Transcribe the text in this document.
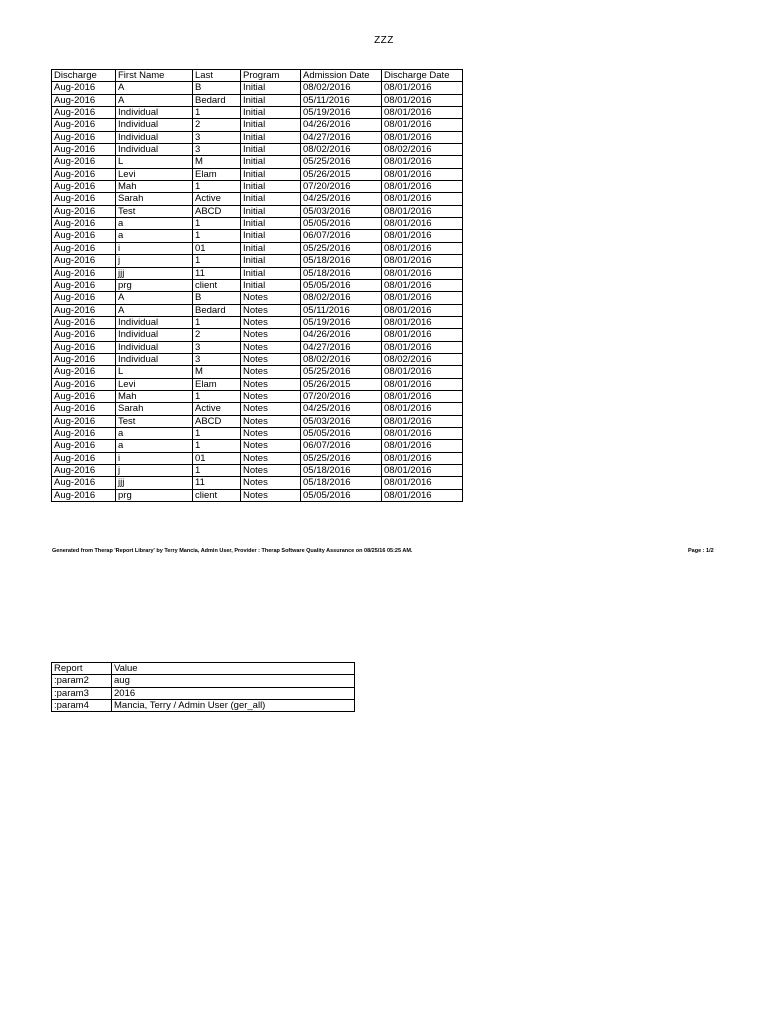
ZZZ
Discharge	First Name	Last	Program	Admission Date	Discharge Date
Aug-2016	A	B	Initial	08/02/2016	08/01/2016
Aug-2016	A	Bedard	Initial	05/11/2016	08/01/2016
Aug-2016	Individual	1	Initial	05/19/2016	08/01/2016
Aug-2016	Individual	2	Initial	04/26/2016	08/01/2016
Aug-2016	Individual	3	Initial	04/27/2016	08/01/2016
Aug-2016	Individual	3	Initial	08/02/2016	08/02/2016
Aug-2016	L	M	Initial	05/25/2016	08/01/2016
Aug-2016	Levi	Elam	Initial	05/26/2015	08/01/2016
Aug-2016	Mah	1	Initial	07/20/2016	08/01/2016
Aug-2016	Sarah	Active	Initial	04/25/2016	08/01/2016
Aug-2016	Test	ABCD	Initial	05/03/2016	08/01/2016
Aug-2016	a	1	Initial	05/05/2016	08/01/2016
Aug-2016	a	1	Initial	06/07/2016	08/01/2016
Aug-2016	i	01	Initial	05/25/2016	08/01/2016
Aug-2016	j	1	Initial	05/18/2016	08/01/2016
Aug-2016	jjj	11	Initial	05/18/2016	08/01/2016
Aug-2016	prg	client	Initial	05/05/2016	08/01/2016
Aug-2016	A	B	Notes	08/02/2016	08/01/2016
Aug-2016	A	Bedard	Notes	05/11/2016	08/01/2016
Aug-2016	Individual	1	Notes	05/19/2016	08/01/2016
Aug-2016	Individual	2	Notes	04/26/2016	08/01/2016
Aug-2016	Individual	3	Notes	04/27/2016	08/01/2016
Aug-2016	Individual	3	Notes	08/02/2016	08/02/2016
Aug-2016	L	M	Notes	05/25/2016	08/01/2016
Aug-2016	Levi	Elam	Notes	05/26/2015	08/01/2016
Aug-2016	Mah	1	Notes	07/20/2016	08/01/2016
Aug-2016	Sarah	Active	Notes	04/25/2016	08/01/2016
Aug-2016	Test	ABCD	Notes	05/03/2016	08/01/2016
Aug-2016	a	1	Notes	05/05/2016	08/01/2016
Aug-2016	a	1	Notes	06/07/2016	08/01/2016
Aug-2016	i	01	Notes	05/25/2016	08/01/2016
Aug-2016	j	1	Notes	05/18/2016	08/01/2016
Aug-2016	jjj	11	Notes	05/18/2016	08/01/2016
Aug-2016	prg	client	Notes	05/05/2016	08/01/2016
Generated from Therap 'Report Library' by Terry Mancia, Admin User, Provider : Therap Software Quality Assurance on 08/25/16 05:25 AM.	Page : 1/2
Report	Value
:param2	aug
:param3	2016
:param4	Mancia, Terry / Admin User (ger_all)
